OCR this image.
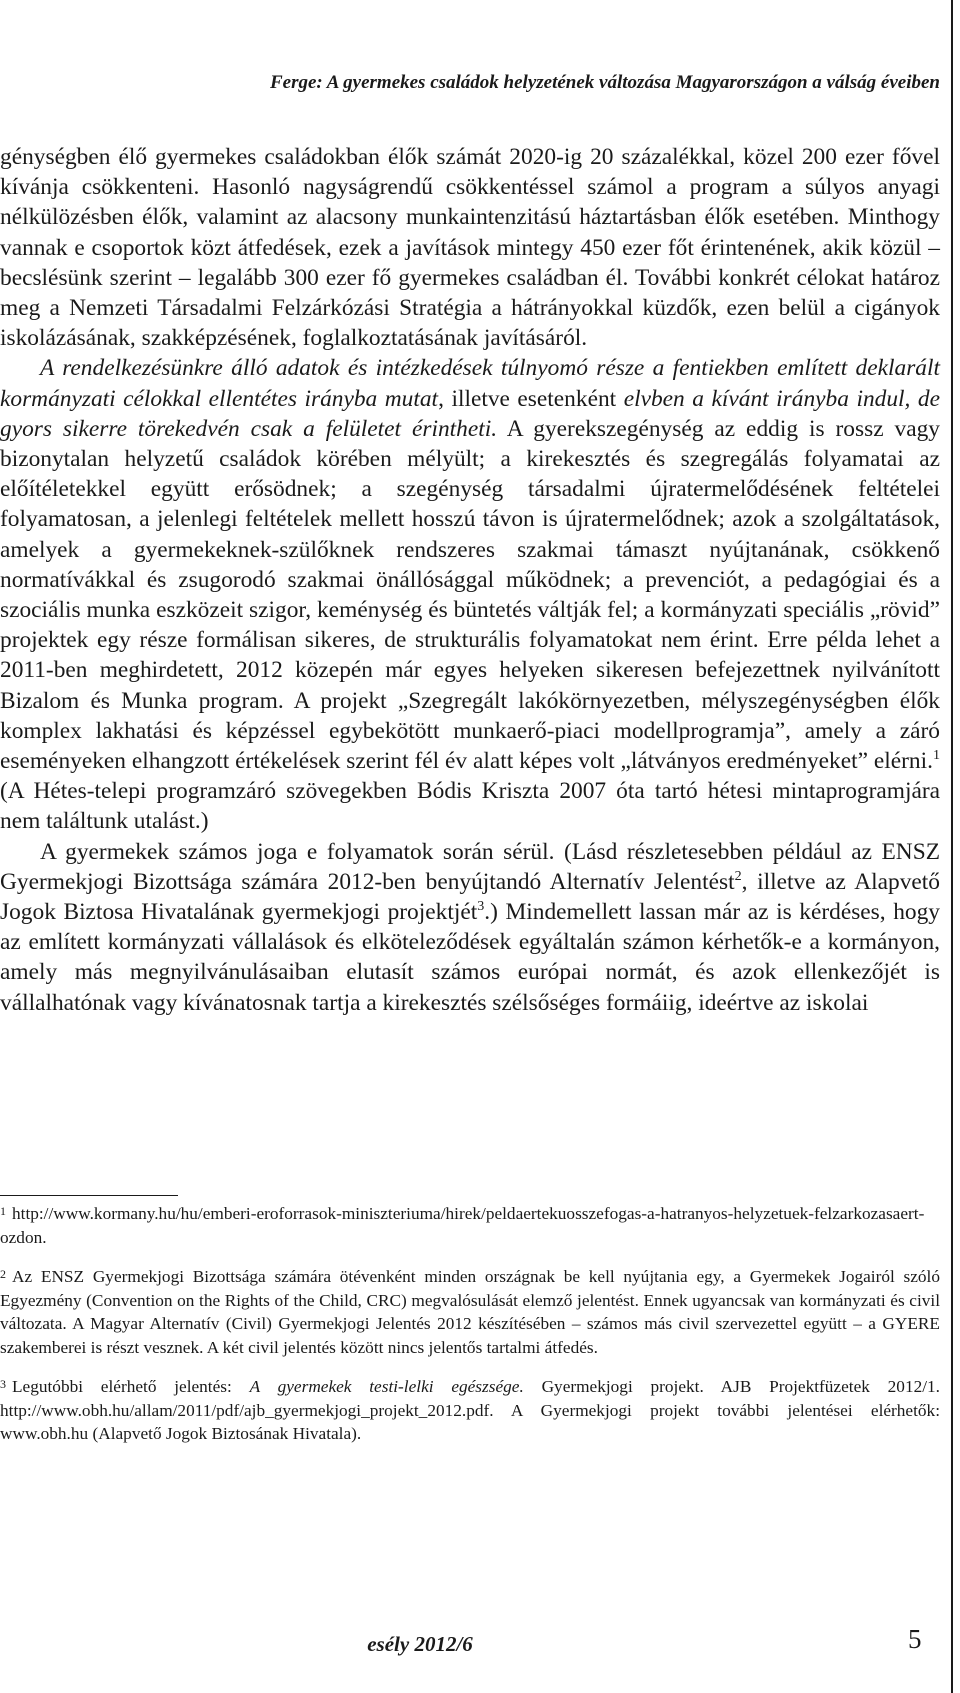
Ferge: A gyermekes családok helyzetének változása Magyarországon a válság éveiben

génységben élő gyermekes családokban élők számát 2020-ig 20 százalékkal, közel 200 ezer fővel kívánja csökkenteni. Hasonló nagyságrendű csökkentéssel számol a program a súlyos anyagi nélkülözésben élők, valamint az alacsony munkaintenzitású háztartásban élők esetében. Minthogy vannak e csoportok közt átfedések, ezek a javítások mintegy 450 ezer főt érintenének, akik közül – becslésünk szerint – legalább 300 ezer fő gyermekes családban él. További konkrét célokat határoz meg a Nemzeti Társadalmi Felzárkózási Stratégia a hátrányokkal küzdők, ezen belül a cigányok iskolázásának, szakképzésének, foglalkoztatásának javításáról.

A rendelkezésünkre álló adatok és intézkedések túlnyomó része a fentiekben említett deklarált kormányzati célokkal ellentétes irányba mutat, illetve esetenként elvben a kívánt irányba indul, de gyors sikerre törekedvén csak a felületet érintheti. A gyerekszegénység az eddig is rossz vagy bizonytalan helyzetű családok körében mélyült; a kirekesztés és szegregálás folyamatai az előítéletekkel együtt erősödnek; a szegénység társadalmi újratermelődésének feltételei folyamatosan, a jelenlegi feltételek mellett hosszú távon is újratermelődnek; azok a szolgáltatások, amelyek a gyermekeknek-szülőknek rendszeres szakmai támaszt nyújtanának, csökkenő normatívákkal és zsugorodó szakmai önállósággal működnek; a prevenciót, a pedagógiai és a szociális munka eszközeit szigor, keménység és büntetés váltják fel; a kormányzati speciális „rövid” projektek egy része formálisan sikeres, de strukturális folyamatokat nem érint. Erre példa lehet a 2011-ben meghirdetett, 2012 közepén már egyes helyeken sikeresen befejezettnek nyilvánított Bizalom és Munka program. A projekt „Szegregált lakókörnyezetben, mélyszegénységben élők komplex lakhatási és képzéssel egybekötött munkaerő-piaci modellprogramja”, amely a záró eseményeken elhangzott értékelések szerint fél év alatt képes volt „látványos eredményeket” elérni.$^1$ (A Hétes-telepi programzáró szövegekben Bódis Kriszta 2007 óta tartó hétesi mintaprogramjára nem találtunk utalást.)

A gyermekek számos joga e folyamatok során sérül. (Lásd részletesebben például az ENSZ Gyermekjogi Bizottsága számára 2012-ben benyújtandó Alternatív Jelentést$^2$, illetve az Alapvető Jogok Biztosa Hivatalának gyermekjogi projektjét$^3$.) Mindemellett lassan már az is kérdéses, hogy az említett kormányzati vállalások és elköteleződések egyáltalán számon kérhetők-e a kormányon, amely más megnyilvánulásaiban elutasít számos európai normát, és azok ellenkezőjét is vállalhatónak vagy kívánatosnak tartja a kirekesztés szélsőséges formáiig, ideértve az iskolai

$^1$ http://www.kormany.hu/hu/emberi-eroforrasok-miniszteriuma/hirek/peldaertekuosszefogas-a-hatranyos-helyzetuek-felzarkozasaert-ozdon.

$^2$ Az ENSZ Gyermekjogi Bizottsága számára ötévenként minden országnak be kell nyújtania egy, a Gyermekek Jogairól szóló Egyezmény (Convention on the Rights of the Child, CRC) megvalósulását elemző jelentést. Ennek ugyancsak van kormányzati és civil változata. A Magyar Alternatív (Civil) Gyermekjogi Jelentés 2012 készítésében – számos más civil szervezettel együtt – a GYERE szakemberei is részt vesznek. A két civil jelentés között nincs jelentős tartalmi átfedés.

$^3$ Legutóbbi elérhető jelentés: A gyermekek testi-lelki egészsége. Gyermekjogi projekt. AJB Projektfüzetek 2012/1. http://www.obh.hu/allam/2011/pdf/ajb_gyermekjogi_projekt_2012.pdf. A Gyermekjogi projekt további jelentései elérhetők: www.obh.hu (Alapvető Jogok Biztosának Hivatala).

esély 2012/6	5
